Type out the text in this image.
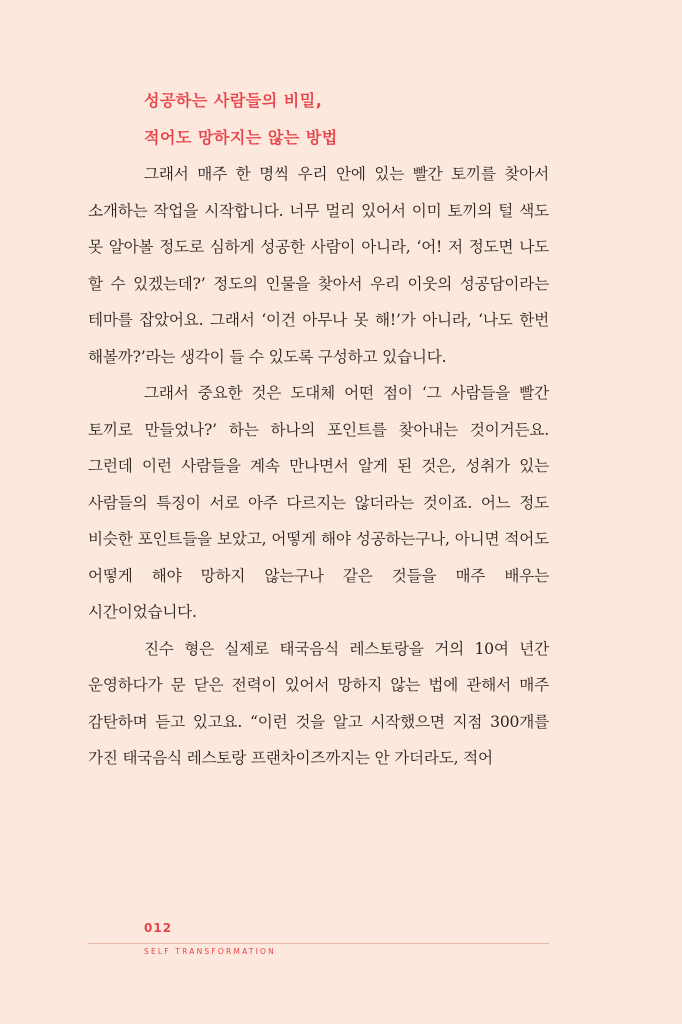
성공하는 사람들의 비밀,
적어도 망하지는 않는 방법

그래서 매주 한 명씩 우리 안에 있는 빨간 토끼를 찾아서 소개하는 작업을 시작합니다. 너무 멀리 있어서 이미 토끼의 털 색도 못 알아볼 정도로 심하게 성공한 사람이 아니라, ‘어! 저 정도면 나도 할 수 있겠는데?’ 정도의 인물을 찾아서 우리 이웃의 성공담이라는 테마를 잡았어요. 그래서 ‘이건 아무나 못 해!’가 아니라, ‘나도 한번 해볼까?’라는 생각이 들 수 있도록 구성하고 있습니다.

그래서 중요한 것은 도대체 어떤 점이 ‘그 사람들을 빨간 토끼로 만들었나?’ 하는 하나의 포인트를 찾아내는 것이거든요. 그런데 이런 사람들을 계속 만나면서 알게 된 것은, 성취가 있는 사람들의 특징이 서로 아주 다르지는 않더라는 것이죠. 어느 정도 비슷한 포인트들을 보았고, 어떻게 해야 성공하는구나, 아니면 적어도 어떻게 해야 망하지 않는구나 같은 것들을 매주 배우는 시간이었습니다.

진수 형은 실제로 태국음식 레스토랑을 거의 10여 년간 운영하다가 문 닫은 전력이 있어서 망하지 않는 법에 관해서 매주 감탄하며 듣고 있고요. “이런 것을 알고 시작했으면 지점 300개를 가진 태국음식 레스토랑 프랜차이즈까지는 안 가더라도, 적어

012
SELF TRANSFORMATION
